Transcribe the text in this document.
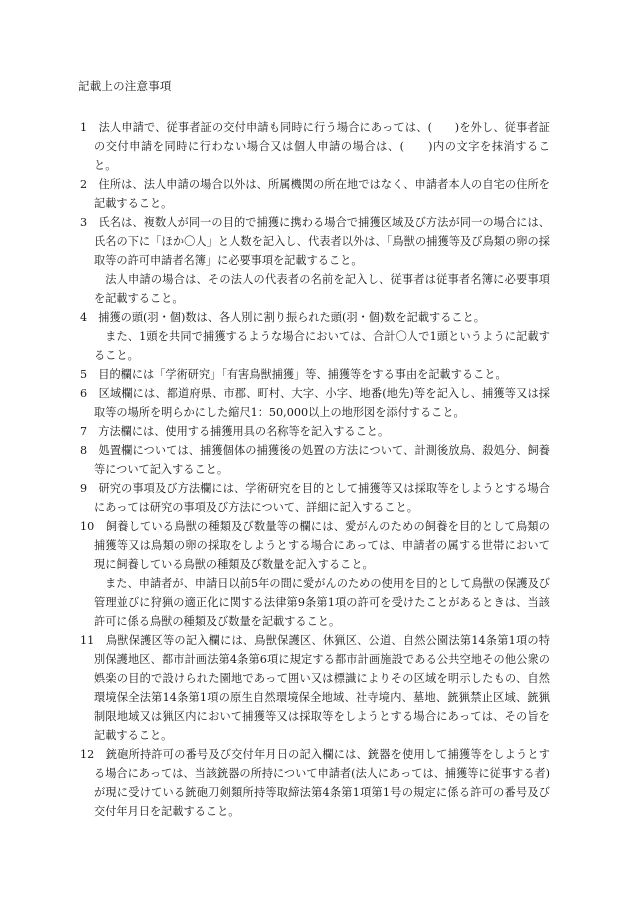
記載上の注意事項

1　法人申請で、従事者証の交付申請も同時に行う場合にあっては、(　　)を外し、従事者証の交付申請を同時に行わない場合又は個人申請の場合は、(　　)内の文字を抹消すること。

2　住所は、法人申請の場合以外は、所属機関の所在地ではなく、申請者本人の自宅の住所を記載すること。

3　氏名は、複数人が同一の目的で捕獲に携わる場合で捕獲区域及び方法が同一の場合には、氏名の下に「ほか〇人」と人数を記入し、代表者以外は、「鳥獣の捕獲等及び鳥類の卵の採取等の許可申請者名簿」に必要事項を記載すること。

法人申請の場合は、その法人の代表者の名前を記入し、従事者は従事者名簿に必要事項を記載すること。

4　捕獲の頭(羽・個)数は、各人別に割り振られた頭(羽・個)数を記載すること。

また、1頭を共同で捕獲するような場合においては、合計〇人で1頭というように記載すること。

5　目的欄には「学術研究」「有害鳥獣捕獲」等、捕獲等をする事由を記載すること。

6　区域欄には、都道府県、市郡、町村、大字、小字、地番(地先)等を記入し、捕獲等又は採取等の場所を明らかにした縮尺1：50,000以上の地形図を添付すること。

7　方法欄には、使用する捕獲用具の名称等を記入すること。

8　処置欄については、捕獲個体の捕獲後の処置の方法について、計測後放鳥、殺処分、飼養等について記入すること。

9　研究の事項及び方法欄には、学術研究を目的として捕獲等又は採取等をしようとする場合にあっては研究の事項及び方法について、詳細に記入すること。

10　飼養している鳥獣の種類及び数量等の欄には、愛がんのための飼養を目的として鳥類の捕獲等又は鳥類の卵の採取をしようとする場合にあっては、申請者の属する世帯において現に飼養している鳥獣の種類及び数量を記入すること。

また、申請者が、申請日以前5年の間に愛がんのための使用を目的として鳥獣の保護及び管理並びに狩猟の適正化に関する法律第9条第1項の許可を受けたことがあるときは、当該許可に係る鳥獣の種類及び数量を記載すること。

11　鳥獣保護区等の記入欄には、鳥獣保護区、休猟区、公道、自然公園法第14条第1項の特別保護地区、都市計画法第4条第6項に規定する都市計画施設である公共空地その他公衆の娯楽の目的で設けられた園地であって囲い又は標識によりその区域を明示したもの、自然環境保全法第14条第1項の原生自然環境保全地域、社寺境内、墓地、銃猟禁止区域、銃猟制限地域又は猟区内において捕獲等又は採取等をしようとする場合にあっては、その旨を記載すること。

12　銃砲所持許可の番号及び交付年月日の記入欄には、銃器を使用して捕獲等をしようとする場合にあっては、当該銃器の所持について申請者(法人にあっては、捕獲等に従事する者)が現に受けている銃砲刀剣類所持等取締法第4条第1項第1号の規定に係る許可の番号及び交付年月日を記載すること。
